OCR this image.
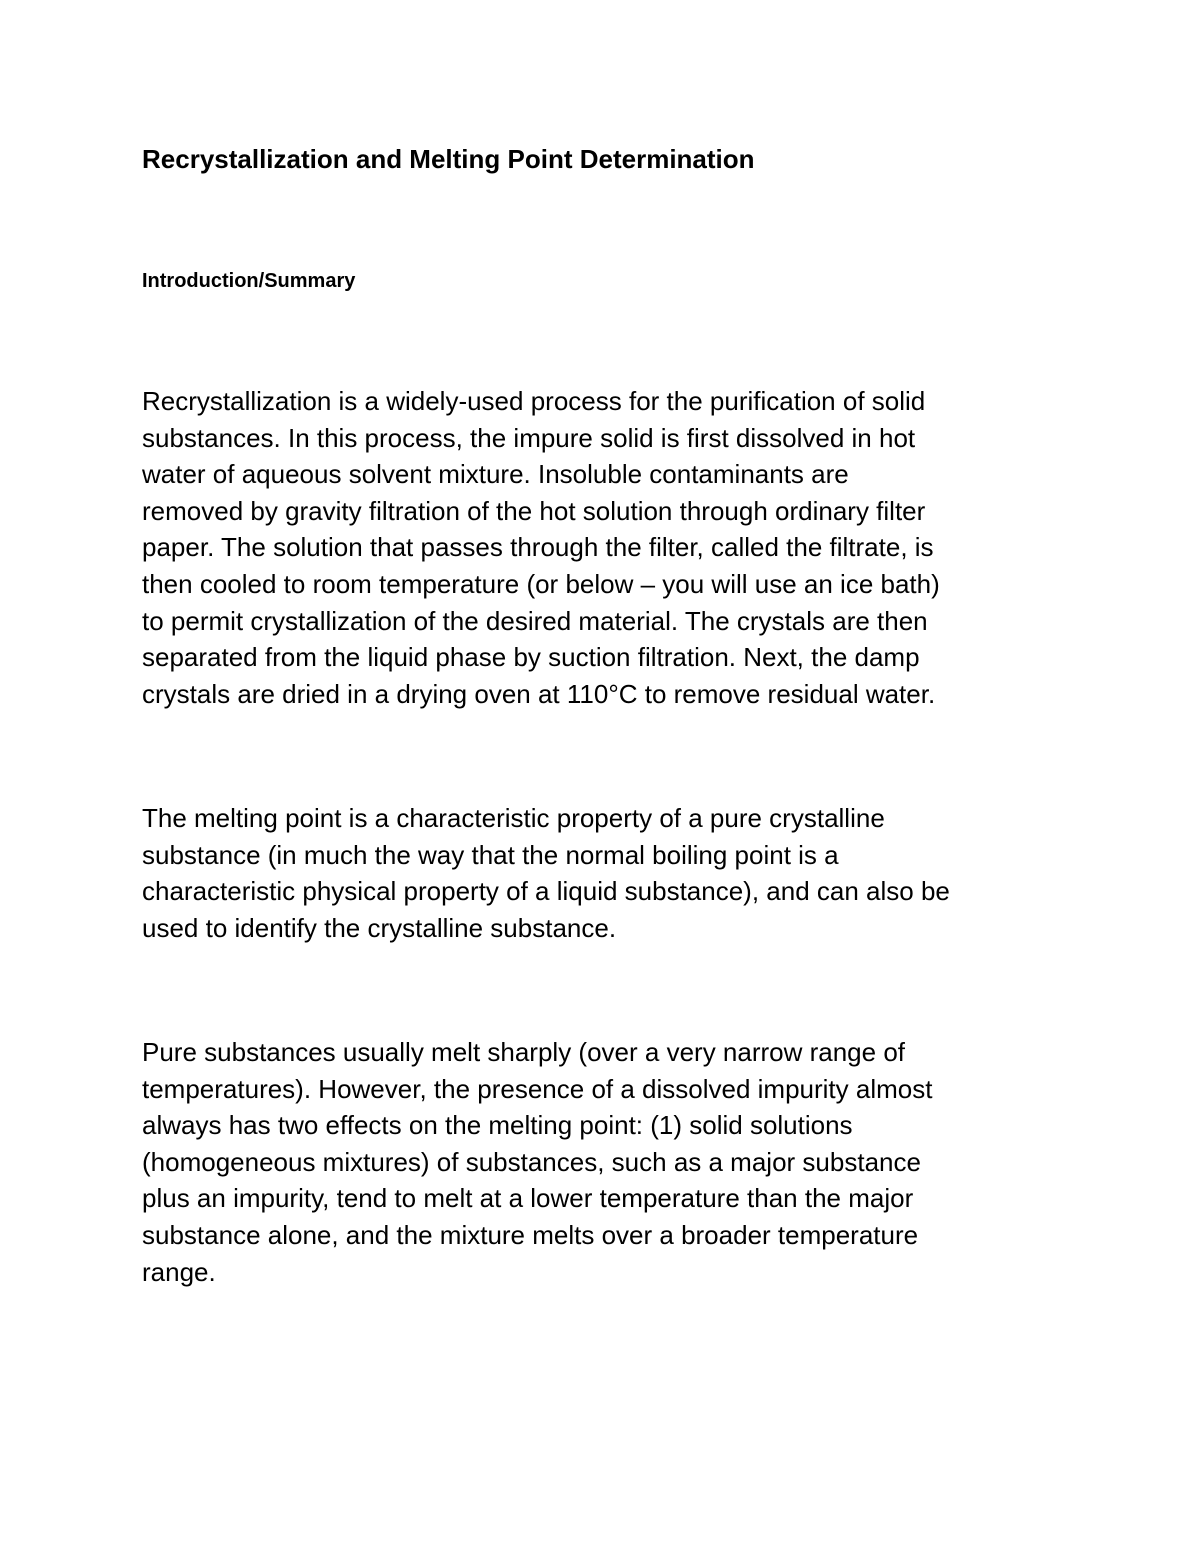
Recrystallization and Melting Point Determination
Introduction/Summary

Recrystallization is a widely-used process for the purification of solid
substances. In this process, the impure solid is first dissolved in hot
water of aqueous solvent mixture. Insoluble contaminants are
removed by gravity filtration of the hot solution through ordinary filter
paper. The solution that passes through the filter, called the filtrate, is
then cooled to room temperature (or below – you will use an ice bath)
to permit crystallization of the desired material. The crystals are then
separated from the liquid phase by suction filtration. Next, the damp
crystals are dried in a drying oven at 110°C to remove residual water.

The melting point is a characteristic property of a pure crystalline
substance (in much the way that the normal boiling point is a
characteristic physical property of a liquid substance), and can also be
used to identify the crystalline substance.

Pure substances usually melt sharply (over a very narrow range of
temperatures). However, the presence of a dissolved impurity almost
always has two effects on the melting point: (1) solid solutions
(homogeneous mixtures) of substances, such as a major substance
plus an impurity, tend to melt at a lower temperature than the major
substance alone, and the mixture melts over a broader temperature
range.
